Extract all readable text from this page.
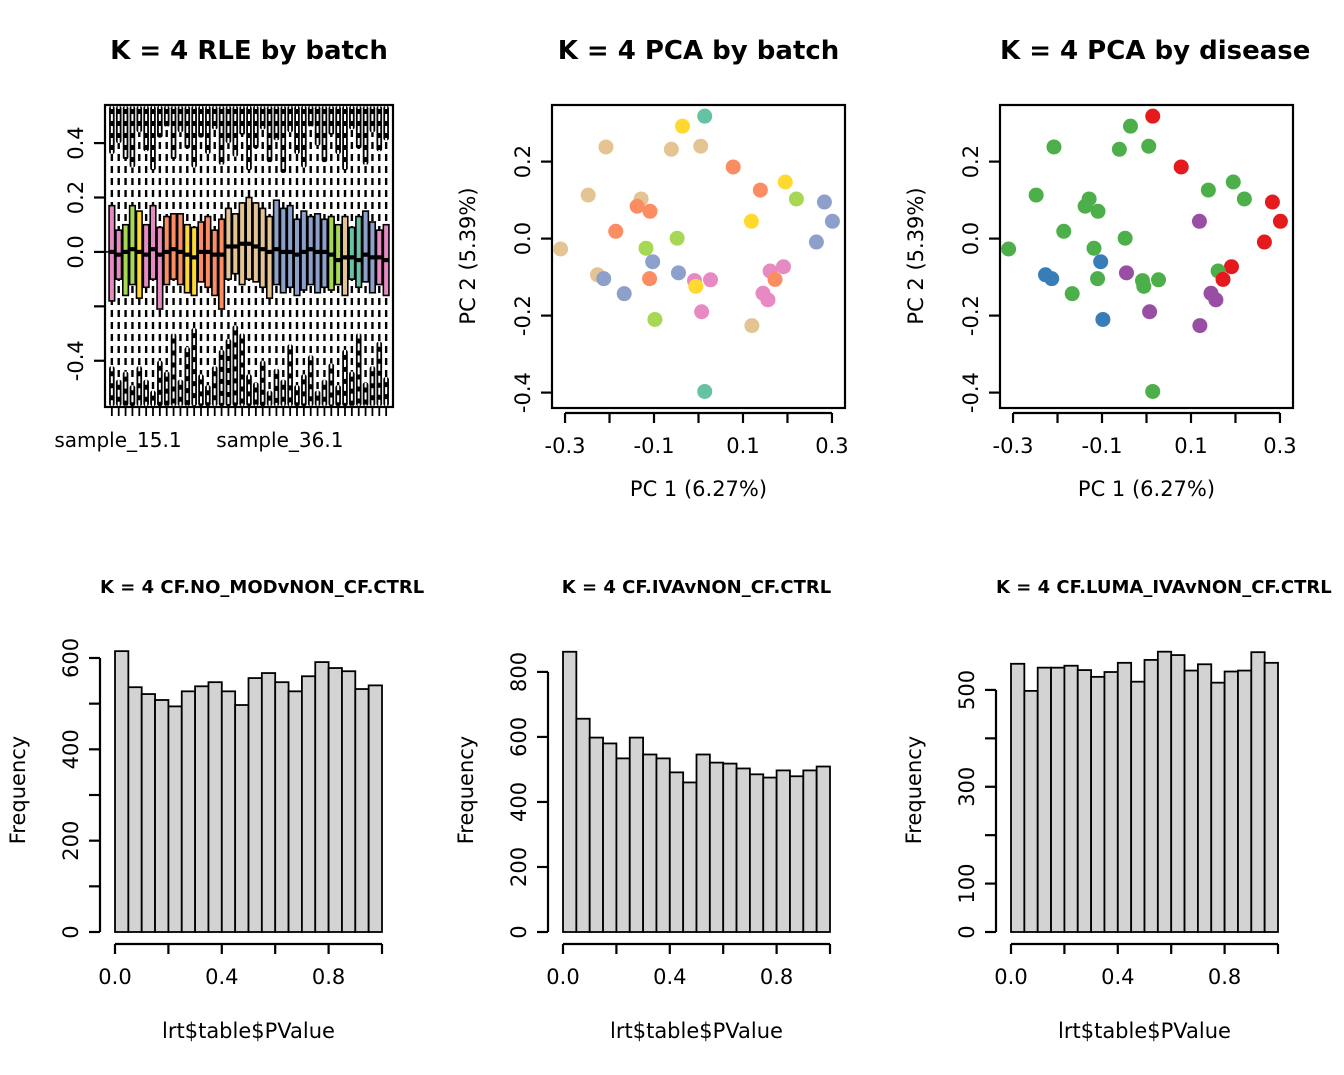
0.4
0.2
0.0
-0.4
sample_15.1 sample_36.1
K = 4 RLE by batch
0.2
0.0
-0.2
-0.4
-0.3 -0.1 0.1	0.3
K = 4 PCA by batch
PC 1 (6.27%)
PC 2 (5.39%)
0.2
0.0
-0.2
-0.4
-0.3 -0.1 0.1	0.3
K = 4 PCA by disease
PC 1 (6.27%)
PC 2 (5.39%)
0
200
400
600
0.0	0.4	0.8
K = 4 CF.NO_MODvNON_CF.CTRL
lrt$table$PValue
Frequency
0
200
400
600
800
0.0	0.4	0.8
K = 4 CF.IVAvNON_CF.CTRL
lrt$table$PValue
Frequency
0
100
300
500
0.0	0.4	0.8
K = 4 CF.LUMA_IVAvNON_CF.CTRL
lrt$table$PValue
Frequency
